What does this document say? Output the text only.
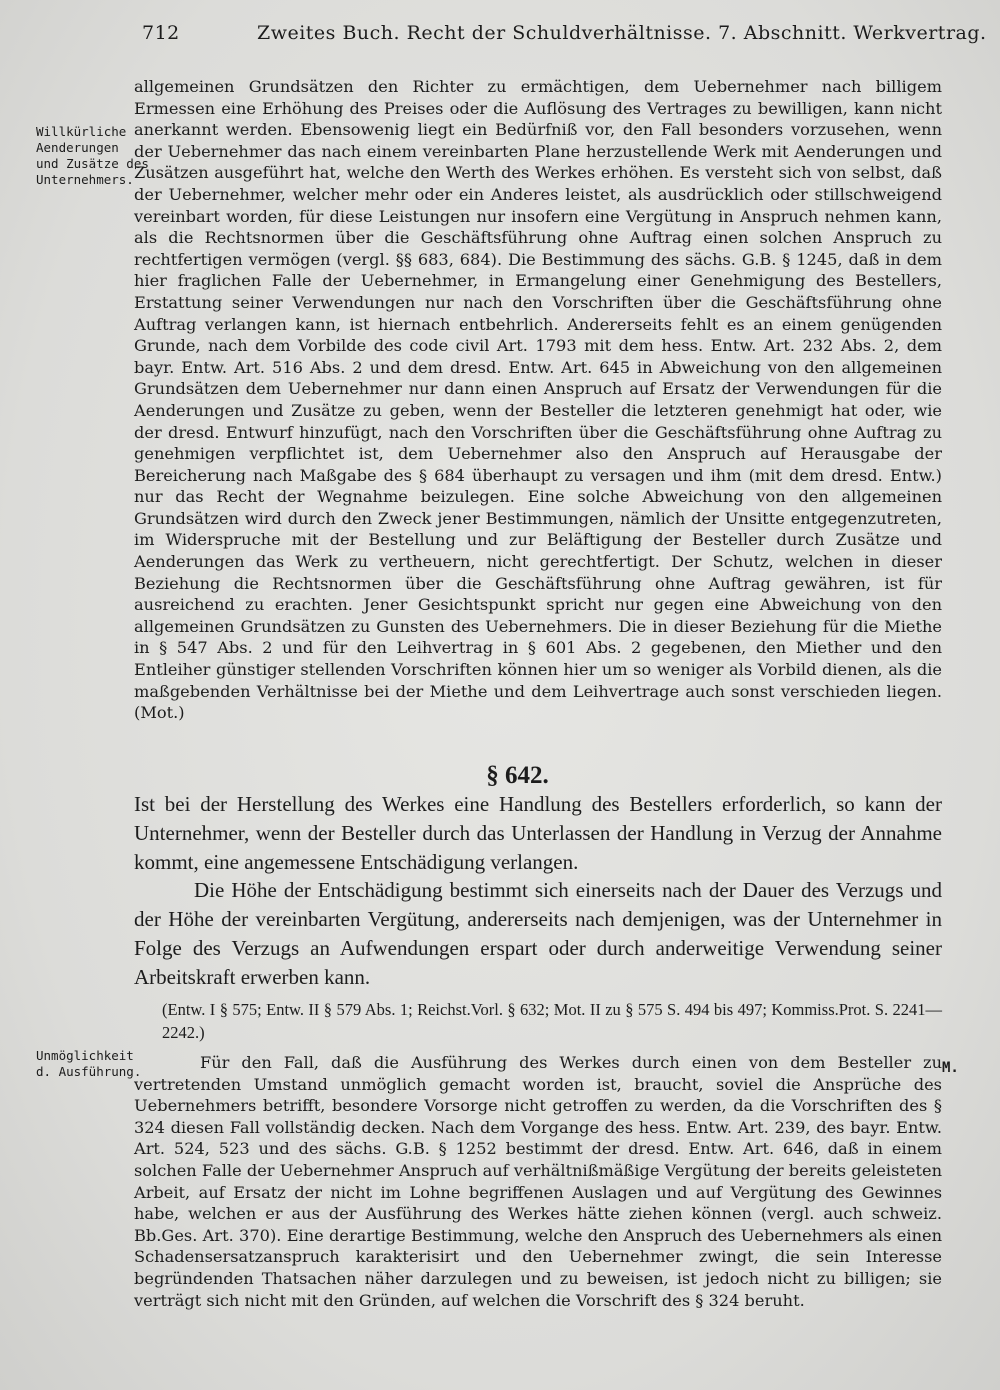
712	Zweites Buch. Recht der Schuldverhältnisse. 7. Abschnitt. Werkvertrag.
Willkürliche
Aenderungen
und Zusätze des
Unternehmers.
allgemeinen Grundsätzen den Richter zu ermächtigen, dem Uebernehmer nach billigem Ermessen eine Erhöhung des Preises oder die Auflösung des Vertrages zu bewilligen, kann nicht anerkannt werden. Ebensowenig liegt ein Bedürfniß vor, den Fall besonders vorzusehen, wenn der Uebernehmer das nach einem vereinbarten Plane herzustellende Werk mit Aenderungen und Zusätzen ausgeführt hat, welche den Werth des Werkes erhöhen. Es versteht sich von selbst, daß der Uebernehmer, welcher mehr oder ein Anderes leistet, als ausdrücklich oder stillschweigend vereinbart worden, für diese Leistungen nur insofern eine Vergütung in Anspruch nehmen kann, als die Rechtsnormen über die Geschäftsführung ohne Auftrag einen solchen Anspruch zu rechtfertigen vermögen (vergl. §§ 683, 684). Die Bestimmung des sächs. G.B. § 1245, daß in dem hier fraglichen Falle der Uebernehmer, in Ermangelung einer Genehmigung des Bestellers, Erstattung seiner Verwendungen nur nach den Vorschriften über die Geschäftsführung ohne Auftrag verlangen kann, ist hiernach entbehrlich. Andererseits fehlt es an einem genügenden Grunde, nach dem Vorbilde des code civil Art. 1793 mit dem hess. Entw. Art. 232 Abs. 2, dem bayr. Entw. Art. 516 Abs. 2 und dem dresd. Entw. Art. 645 in Abweichung von den allgemeinen Grundsätzen dem Uebernehmer nur dann einen Anspruch auf Ersatz der Verwendungen für die Aenderungen und Zusätze zu geben, wenn der Besteller die letzteren genehmigt hat oder, wie der dresd. Entwurf hinzufügt, nach den Vorschriften über die Geschäftsführung ohne Auftrag zu genehmigen verpflichtet ist, dem Uebernehmer also den Anspruch auf Herausgabe der Bereicherung nach Maßgabe des § 684 überhaupt zu versagen und ihm (mit dem dresd. Entw.) nur das Recht der Wegnahme beizulegen. Eine solche Abweichung von den allgemeinen Grundsätzen wird durch den Zweck jener Bestimmungen, nämlich der Unsitte entgegenzutreten, im Widerspruche mit der Bestellung und zur Beläftigung der Besteller durch Zusätze und Aenderungen das Werk zu vertheuern, nicht gerechtfertigt. Der Schutz, welchen in dieser Beziehung die Rechtsnormen über die Geschäftsführung ohne Auftrag gewähren, ist für ausreichend zu erachten. Jener Gesichtspunkt spricht nur gegen eine Abweichung von den allgemeinen Grundsätzen zu Gunsten des Uebernehmers. Die in dieser Beziehung für die Miethe in § 547 Abs. 2 und für den Leihvertrag in § 601 Abs. 2 gegebenen, den Miether und den Entleiher günstiger stellenden Vorschriften können hier um so weniger als Vorbild dienen, als die maßgebenden Verhältnisse bei der Miethe und dem Leihvertrage auch sonst verschieden liegen. (Mot.)
§ 642.
Ist bei der Herstellung des Werkes eine Handlung des Bestellers erforderlich, so kann der Unternehmer, wenn der Besteller durch das Unterlassen der Handlung in Verzug der Annahme kommt, eine angemessene Entschädigung verlangen.
Die Höhe der Entschädigung bestimmt sich einerseits nach der Dauer des Verzugs und der Höhe der vereinbarten Vergütung, andererseits nach demjenigen, was der Unternehmer in Folge des Verzugs an Aufwendungen erspart oder durch anderweitige Verwendung seiner Arbeitskraft erwerben kann.
(Entw. I § 575; Entw. II § 579 Abs. 1; Reichst.Vorl. § 632; Mot. II zu § 575 S. 494 bis 497; Kommiss.Prot. S. 2241—2242.)
Unmöglichkeit
d. Ausführung.	M.
Für den Fall, daß die Ausführung des Werkes durch einen von dem Besteller zu vertretenden Umstand unmöglich gemacht worden ist, braucht, soviel die Ansprüche des Uebernehmers betrifft, besondere Vorsorge nicht getroffen zu werden, da die Vorschriften des § 324 diesen Fall vollständig decken. Nach dem Vorgange des hess. Entw. Art. 239, des bayr. Entw. Art. 524, 523 und des sächs. G.B. § 1252 bestimmt der dresd. Entw. Art. 646, daß in einem solchen Falle der Uebernehmer Anspruch auf verhältnißmäßige Vergütung der bereits geleisteten Arbeit, auf Ersatz der nicht im Lohne begriffenen Auslagen und auf Vergütung des Gewinnes habe, welchen er aus der Ausführung des Werkes hätte ziehen können (vergl. auch schweiz. Bb.Ges. Art. 370). Eine derartige Bestimmung, welche den Anspruch des Uebernehmers als einen Schadensersatzanspruch karakterisirt und den Uebernehmer zwingt, die sein Interesse begründenden Thatsachen näher darzulegen und zu beweisen, ist jedoch nicht zu billigen; sie verträgt sich nicht mit den Gründen, auf welchen die Vorschrift des § 324 beruht.
